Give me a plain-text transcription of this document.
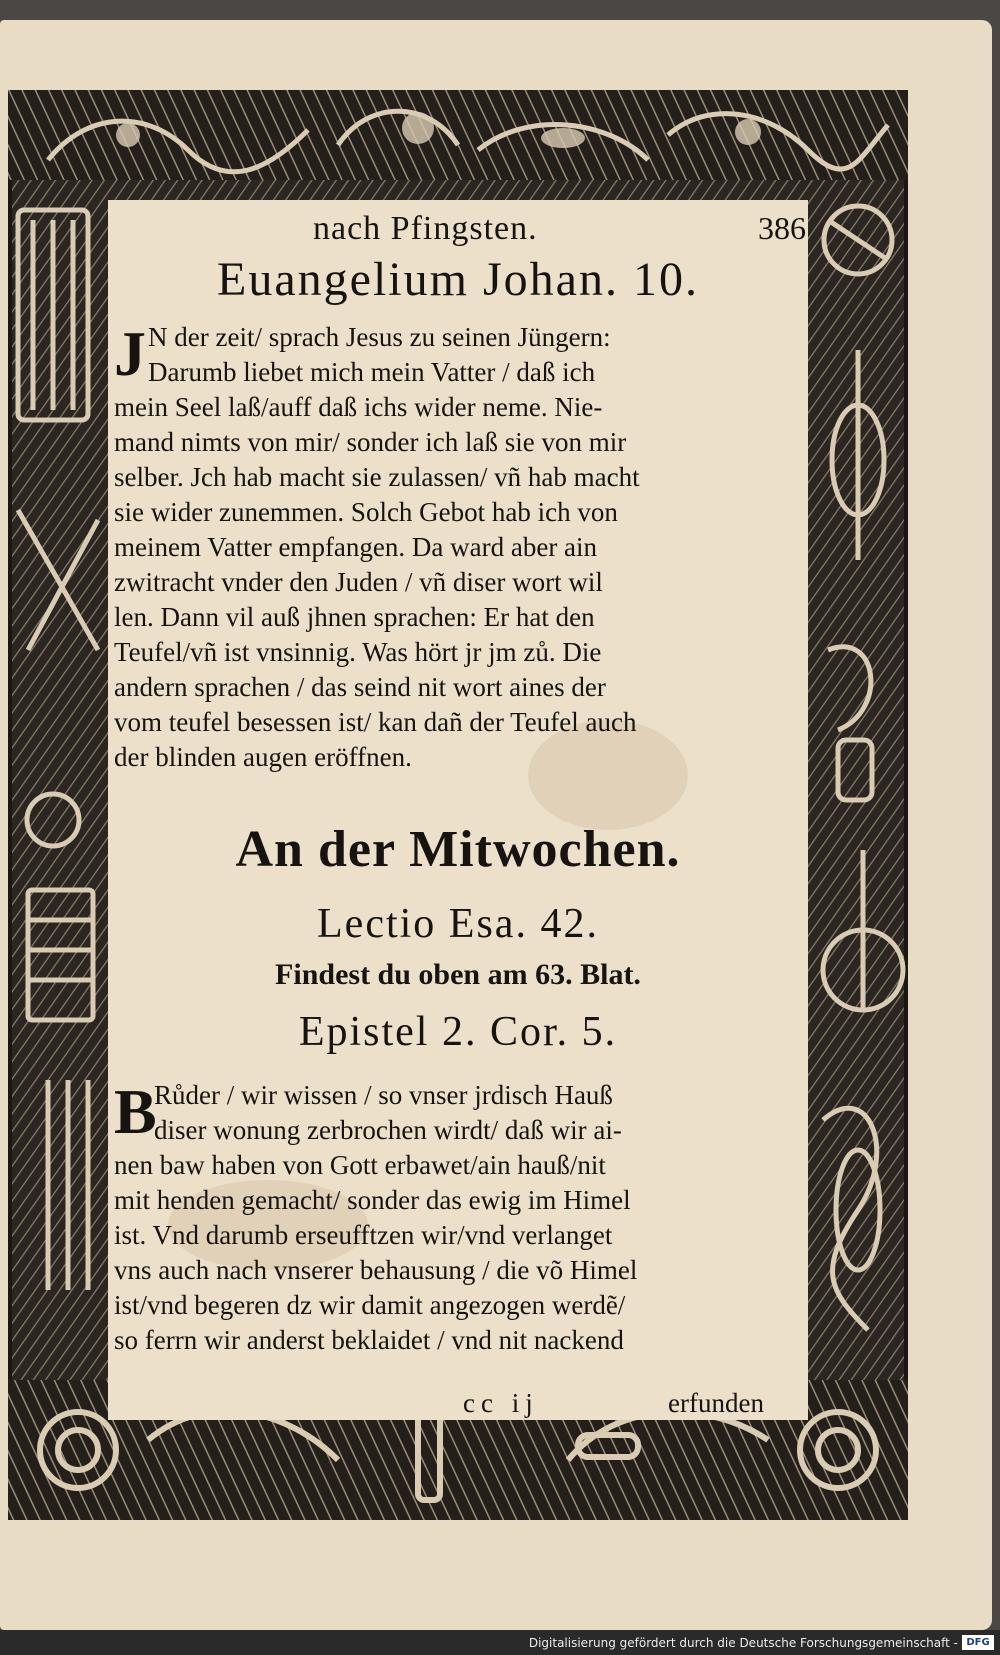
nach Pfingsten.	386
Euangelium Johan. 10.
J N der zeit/ sprach Jesus zu seinen Jüngern:
Darumb liebet mich mein Vatter / daß ich
mein Seel laß/auff daß ichs wider neme. Nie-
mand nimts von mir/ sonder ich laß sie von mir
selber. Jch hab macht sie zulassen/ vñ hab macht
sie wider zunemmen. Solch Gebot hab ich von
meinem Vatter empfangen. Da ward aber ain
zwitracht vnder den Juden / vñ diser wort wil
len. Dann vil auß jhnen sprachen: Er hat den
Teufel/vñ ist vnsinnig. Was hört jr jm zů. Die
andern sprachen / das seind nit wort aines der
vom teufel besessen ist/ kan dañ der Teufel auch
der blinden augen eröffnen.
An der Mitwochen.
Lectio Esa. 42.
Findest du oben am 63. Blat.
Epistel 2. Cor. 5.
B
Růder / wir wissen / so vnser jrdisch Hauß
diser wonung zerbrochen wirdt/ daß wir ai-
nen baw haben von Gott erbawet/ain hauß/nit
mit henden gemacht/ sonder das ewig im Himel
ist. Vnd darumb erseufftzen wir/vnd verlanget
vns auch nach vnserer behausung / die võ Himel
ist/vnd begeren dz wir damit angezogen werdẽ/
so ferrn wir anderst beklaidet / vnd nit nackend
cc ij	erfunden
Digitalisierung gefördert durch die Deutsche Forschungsgemeinschaft - DFG
